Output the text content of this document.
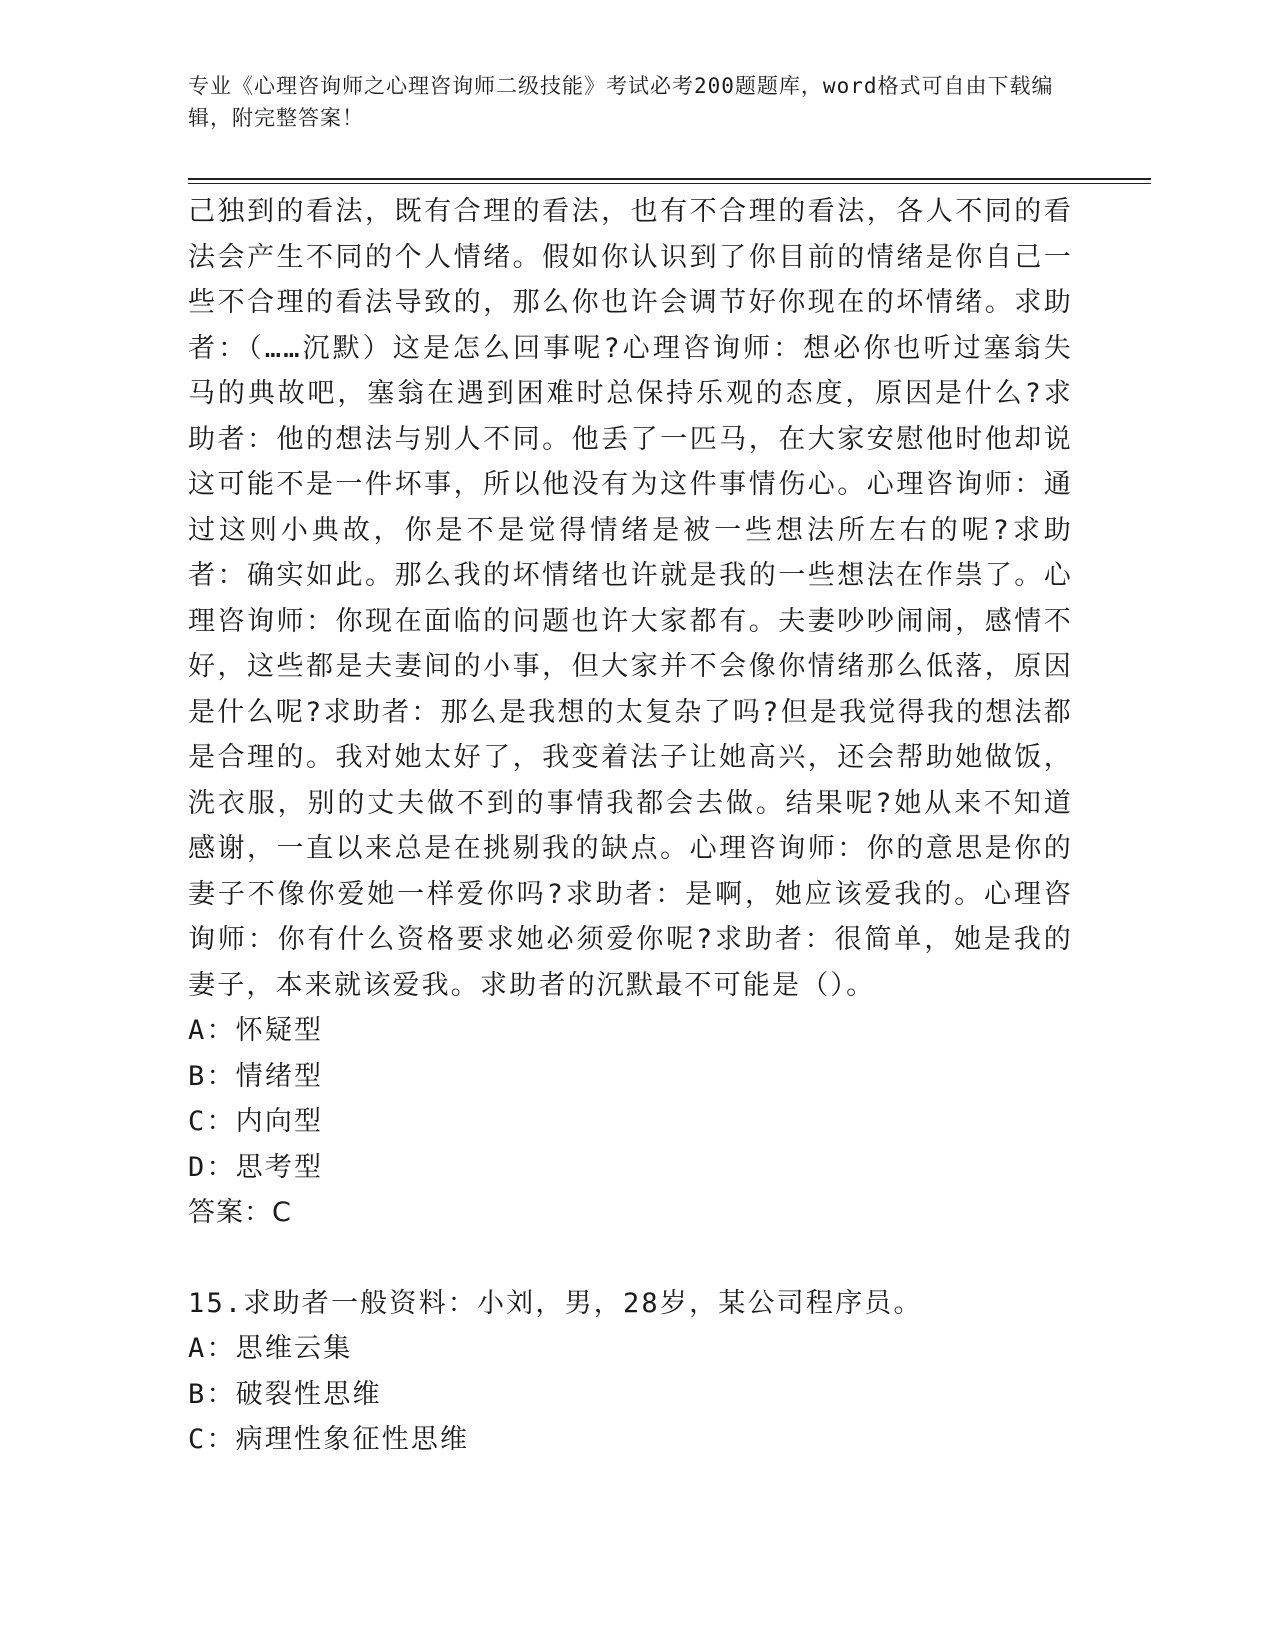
专业《心理咨询师之心理咨询师二级技能》考试必考200题题库，word格式可自由下载编辑，附完整答案！

己独到的看法，既有合理的看法，也有不合理的看法，各人不同的看法会产生不同的个人情绪。假如你认识到了你目前的情绪是你自己一些不合理的看法导致的，那么你也许会调节好你现在的坏情绪。求助者：（……沉默）这是怎么回事呢?心理咨询师：想必你也听过塞翁失马的典故吧，塞翁在遇到困难时总保持乐观的态度，原因是什么?求助者：他的想法与别人不同。他丢了一匹马，在大家安慰他时他却说这可能不是一件坏事，所以他没有为这件事情伤心。心理咨询师：通过这则小典故，你是不是觉得情绪是被一些想法所左右的呢?求助者：确实如此。那么我的坏情绪也许就是我的一些想法在作祟了。心理咨询师：你现在面临的问题也许大家都有。夫妻吵吵闹闹，感情不好，这些都是夫妻间的小事，但大家并不会像你情绪那么低落，原因是什么呢?求助者：那么是我想的太复杂了吗?但是我觉得我的想法都是合理的。我对她太好了，我变着法子让她高兴，还会帮助她做饭，洗衣服，别的丈夫做不到的事情我都会去做。结果呢?她从来不知道感谢，一直以来总是在挑剔我的缺点。心理咨询师：你的意思是你的妻子不像你爱她一样爱你吗?求助者：是啊，她应该爱我的。心理咨询师：你有什么资格要求她必须爱你呢?求助者：很简单，她是我的妻子，本来就该爱我。求助者的沉默最不可能是（）。

A：怀疑型

B：情绪型

C：内向型

D：思考型

答案：C

15.求助者一般资料：小刘，男，28岁，某公司程序员。

A：思维云集

B：破裂性思维

C：病理性象征性思维
